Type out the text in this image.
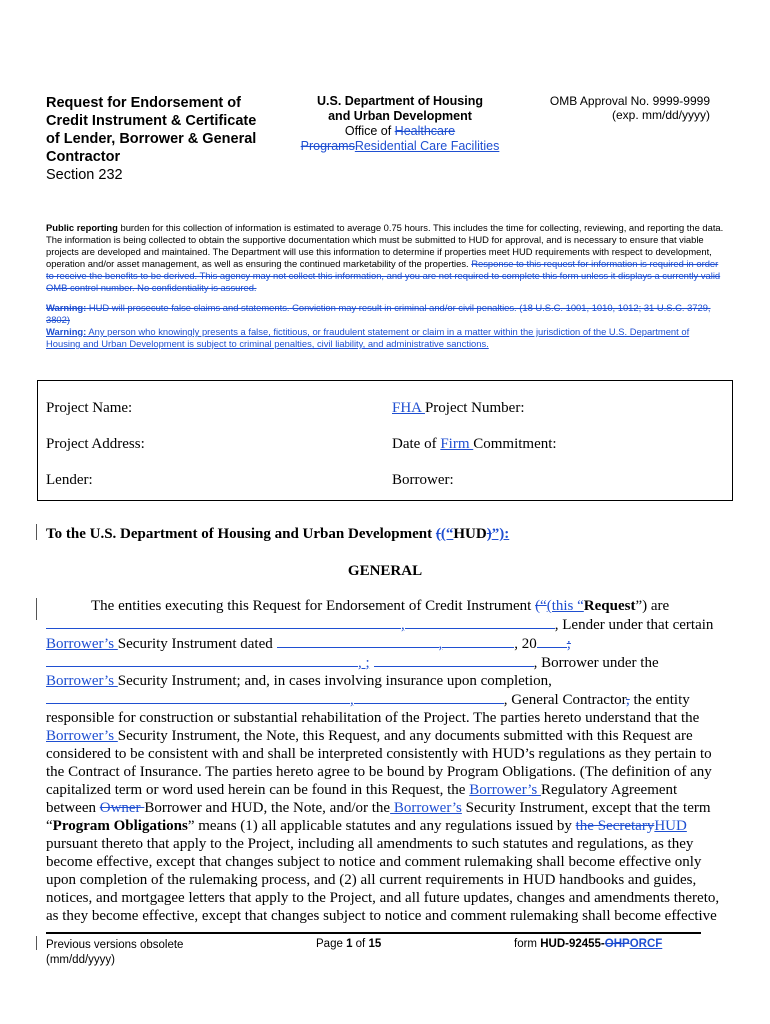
Request for Endorsement of
Credit Instrument & Certificate
of Lender, Borrower & General
Contractor
Section 232
U.S. Department of Housing
and Urban Development
Office of Healthcare ProgramsResidential Care Facilities
OMB Approval No. 9999-9999
(exp. mm/dd/yyyy)

Public reporting burden for this collection of information is estimated to average 0.75 hours. This includes the time for collecting, reviewing, and reporting the data. The information is being collected to obtain the supportive documentation which must be submitted to HUD for approval, and is necessary to ensure that viable projects are developed and maintained. The Department will use this information to determine if properties meet HUD requirements with respect to development, operation and/or asset management, as well as ensuring the continued marketability of the properties. Response to this request for information is required in order to receive the benefits to be derived. This agency may not collect this information, and you are not required to complete this form unless it displays a currently valid OMB control number. No confidentiality is assured.

Warning: HUD will prosecute false claims and statements. Conviction may result in criminal and/or civil penalties. (18 U.S.C. 1001, 1010, 1012; 31 U.S.C. 3729, 3802)
Warning: Any person who knowingly presents a false, fictitious, or fraudulent statement or claim in a matter within the jurisdiction of the U.S. Department of Housing and Urban Development is subject to criminal penalties, civil liability, and administrative sanctions.

Project Name:	FHA Project Number:
Project Address:	Date of Firm Commitment:
Lender:	Borrower:
To the U.S. Department of Housing and Urban Development ((“HUD)”):
GENERAL
The entities executing this Request for Endorsement of Credit Instrument (“(this “Request”) are
,	, Lender under that certain
Borrower’s Security Instrument dated	,	, 20 ;
, ;	, Borrower under the
Borrower’s Security Instrument; and, in cases involving insurance upon completion,
,	, General Contractor, the entity
responsible for construction or substantial rehabilitation of the Project. The parties hereto understand that the
Borrower’s Security Instrument, the Note, this Request, and any documents submitted with this Request are
considered to be consistent with and shall be interpreted consistently with HUD’s regulations as they pertain to
the Contract of Insurance. The parties hereto agree to be bound by Program Obligations. (The definition of any
capitalized term or word used herein can be found in this Request, the Borrower’s Regulatory Agreement
between Owner Borrower and HUD, the Note, and/or the Borrower’s Security Instrument, except that the term
“Program Obligations” means (1) all applicable statutes and any regulations issued by the SecretaryHUD
pursuant thereto that apply to the Project, including all amendments to such statutes and regulations, as they
become effective, except that changes subject to notice and comment rulemaking shall become effective only
upon completion of the rulemaking process, and (2) all current requirements in HUD handbooks and guides,
notices, and mortgagee letters that apply to the Project, and all future updates, changes and amendments thereto,
as they become effective, except that changes subject to notice and comment rulemaking shall become effective
Previous versions obsolete
(mm/dd/yyyy)
Page 1 of 15	form HUD-92455-OHPORCF
